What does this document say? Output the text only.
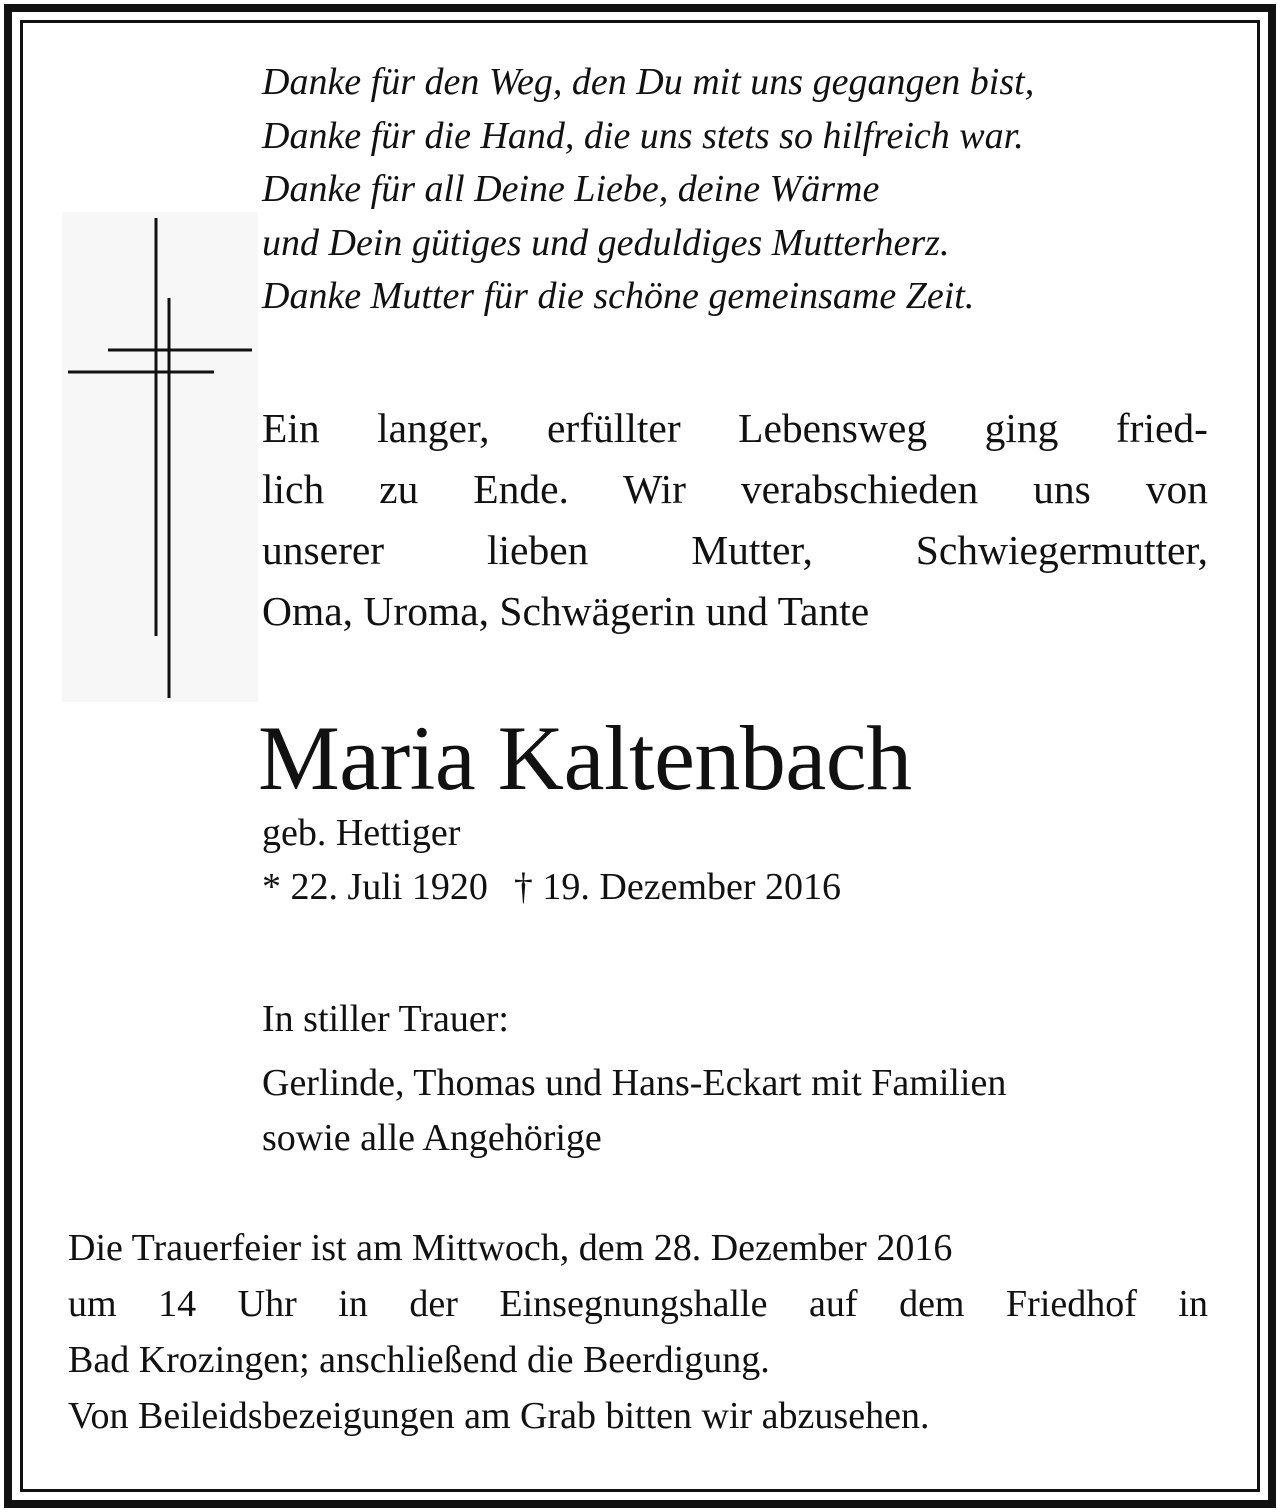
Danke für den Weg, den Du mit uns gegangen bist,
Danke für die Hand, die uns stets so hilfreich war.
Danke für all Deine Liebe, deine Wärme
und Dein gütiges und geduldiges Mutterherz.
Danke Mutter für die schöne gemeinsame Zeit.

Ein langer, erfüllter Lebensweg ging fried-
lich zu Ende. Wir verabschieden uns von
unserer lieben Mutter, Schwiegermutter,
Oma, Uroma, Schwägerin und Tante

Maria Kaltenbach
geb. Hettiger
* 22. Juli 1920 † 19. Dezember 2016
In stiller Trauer:
Gerlinde, Thomas und Hans-Eckart mit Familien
sowie alle Angehörige

Die Trauerfeier ist am Mittwoch, dem 28. Dezember 2016
um 14 Uhr in der Einsegnungshalle auf dem Friedhof in
Bad Krozingen; anschließend die Beerdigung.
Von Beileidsbezeigungen am Grab bitten wir abzusehen.
